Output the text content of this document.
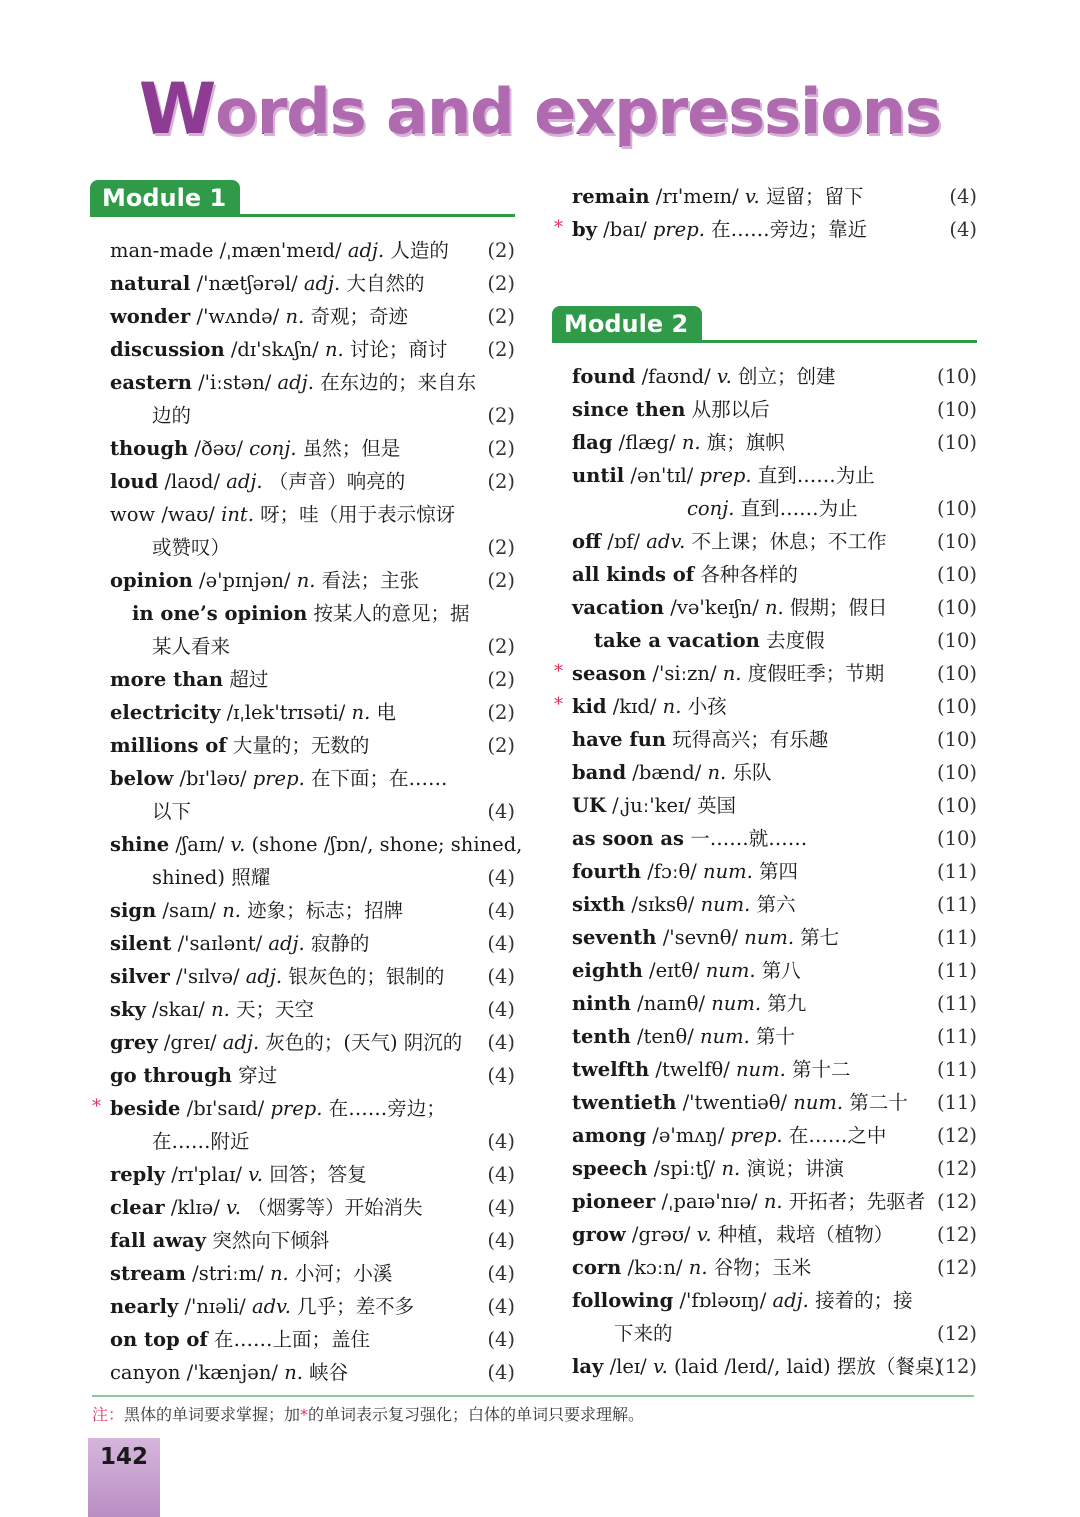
Words and expressions
Module 1
man-made /ˌmæn'meɪd/ adj. 人造的 (2)
natural /'nætʃərəl/ adj. 大自然的	(2)
wonder /'wʌndə/ n. 奇观；奇迹	(2)
discussion /dɪ'skʌʃn/ n. 讨论；商讨 (2)
eastern /'iːstən/ adj. 在东边的；来自东
边的	(2)
though /ðəʊ/ conj. 虽然；但是	(2)
loud /laʊd/ adj. （声音）响亮的	(2)
wow /waʊ/ int. 呀；哇（用于表示惊讶
或赞叹）	(2)
opinion /ə'pɪnjən/ n. 看法；主张	(2)
in one’s opinion 按某人的意见；据
某人看来	(2)
more than 超过	(2)
electricity /ɪˌlek'trɪsəti/ n. 电	(2)
millions of 大量的；无数的	(2)
below /bɪ'ləʊ/ prep. 在下面；在……
以下	(4)
shine /ʃaɪn/ v. (shone /ʃɒn/, shone; shined,
shined) 照耀	(4)
sign /saɪn/ n. 迹象；标志；招牌	(4)
silent /'saɪlənt/ adj. 寂静的	(4)
silver /'sɪlvə/ adj. 银灰色的；银制的 (4)
sky /skaɪ/ n. 天；天空	(4)
grey /greɪ/ adj. 灰色的；(天气) 阴沉的 (4)
go through 穿过	(4)
* beside /bɪ'saɪd/ prep. 在……旁边；
在……附近	(4)
reply /rɪ'plaɪ/ v. 回答；答复	(4)
clear /klɪə/ v. （烟雾等）开始消失	(4)
fall away 突然向下倾斜	(4)
stream /striːm/ n. 小河；小溪	(4)
nearly /'nɪəli/ adv. 几乎；差不多	(4)
on top of 在……上面；盖住	(4)
canyon /'kænjən/ n. 峡谷	(4)
remain /rɪ'meɪn/ v. 逗留；留下	(4)
* by /baɪ/ prep. 在……旁边；靠近	(4)
Module 2
found /faʊnd/ v. 创立；创建	(10)
since then 从那以后	(10)
flag /flæg/ n. 旗；旗帜	(10)
until /ən'tɪl/ prep. 直到……为止
conj. 直到……为止	(10)
off /ɒf/ adv. 不上课；休息；不工作	(10)
all kinds of 各种各样的	(10)
vacation /və'keɪʃn/ n. 假期；假日	(10)
take a vacation 去度假	(10)
* season /'siːzn/ n. 度假旺季；节期	(10)
* kid /kɪd/ n. 小孩	(10)
have fun 玩得高兴；有乐趣	(10)
band /bænd/ n. 乐队	(10)
UK /ˌjuː'keɪ/ 英国	(10)
as soon as 一……就……	(10)
fourth /fɔːθ/ num. 第四	(11)
sixth /sɪksθ/ num. 第六	(11)
seventh /'sevnθ/ num. 第七	(11)
eighth /eɪtθ/ num. 第八	(11)
ninth /naɪnθ/ num. 第九	(11)
tenth /tenθ/ num. 第十	(11)
twelfth /twelfθ/ num. 第十二	(11)
twentieth /'twentiəθ/ num. 第二十 (11)
among /ə'mʌŋ/ prep. 在……之中	(12)
speech /spiːtʃ/ n. 演说；讲演	(12)
pioneer /ˌpaɪə'nɪə/ n. 开拓者；先驱者 (12)
grow /grəʊ/ v. 种植，栽培（植物） (12)
corn /kɔːn/ n. 谷物；玉米	(12)
following /'fɒləʊɪŋ/ adj. 接着的；接
下来的	(12)
lay /leɪ/ v. (laid /leɪd/, laid) 摆放（餐桌)
(12)
注：黑体的单词要求掌握；加*的单词表示复习强化；白体的单词只要求理解。
142
